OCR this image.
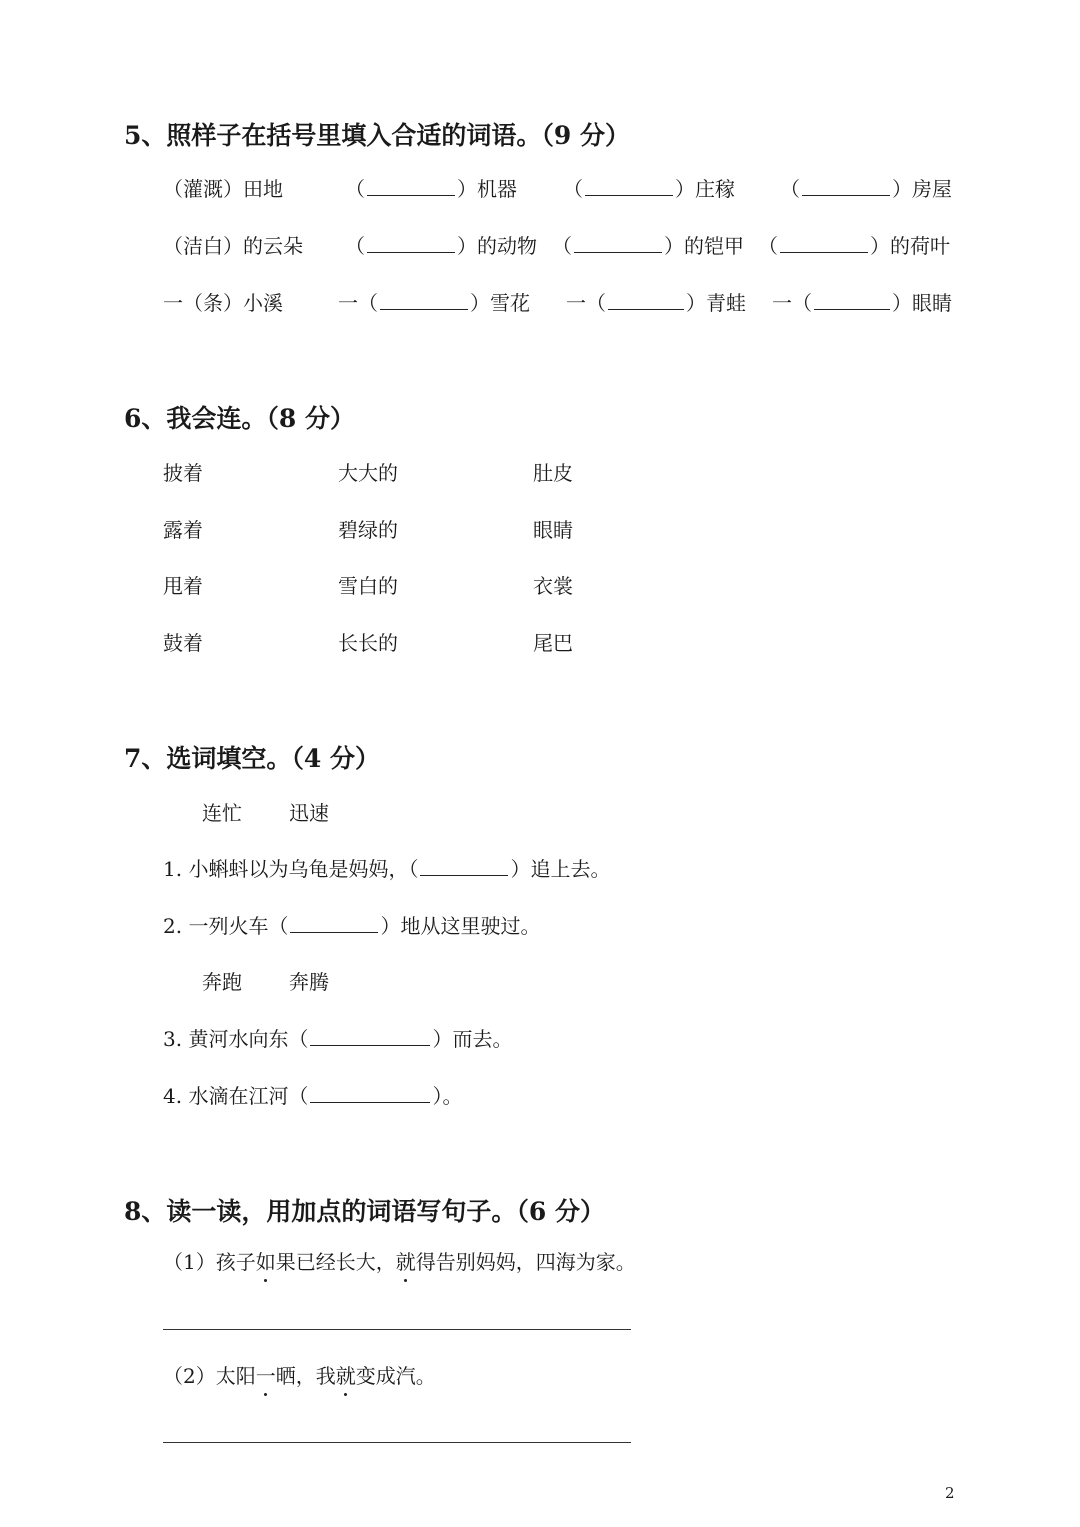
5、照样子在括号里填入合适的词语。（9 分）
（灌溉）田地	（	）机器 （	）庄稼 （	）房屋
（洁白）的云朵 （	）的动物 （	）的铠甲 （	）的荷叶
一（条）小溪	一（	）雪花 一（	）青蛙 一（	）眼睛
6、我会连。（8 分）
披着	大大的	肚皮
露着	碧绿的	眼睛
甩着	雪白的	衣裳
鼓着	长长的	尾巴
7、选词填空。（4 分）
连忙 迅速
1. 小蝌蚪以为乌龟是妈妈，（	）追上去。
2. 一列火车（	）地从这里驶过。
奔跑 奔腾
3. 黄河水向东（	）而去。
4. 水滴在江河（	）。
8、读一读，用加点的词语写句子。（6 分）
（1）孩子如果已经长大，就得告别妈妈，四海为家。
（2）太阳一晒，我就变成汽。
2
